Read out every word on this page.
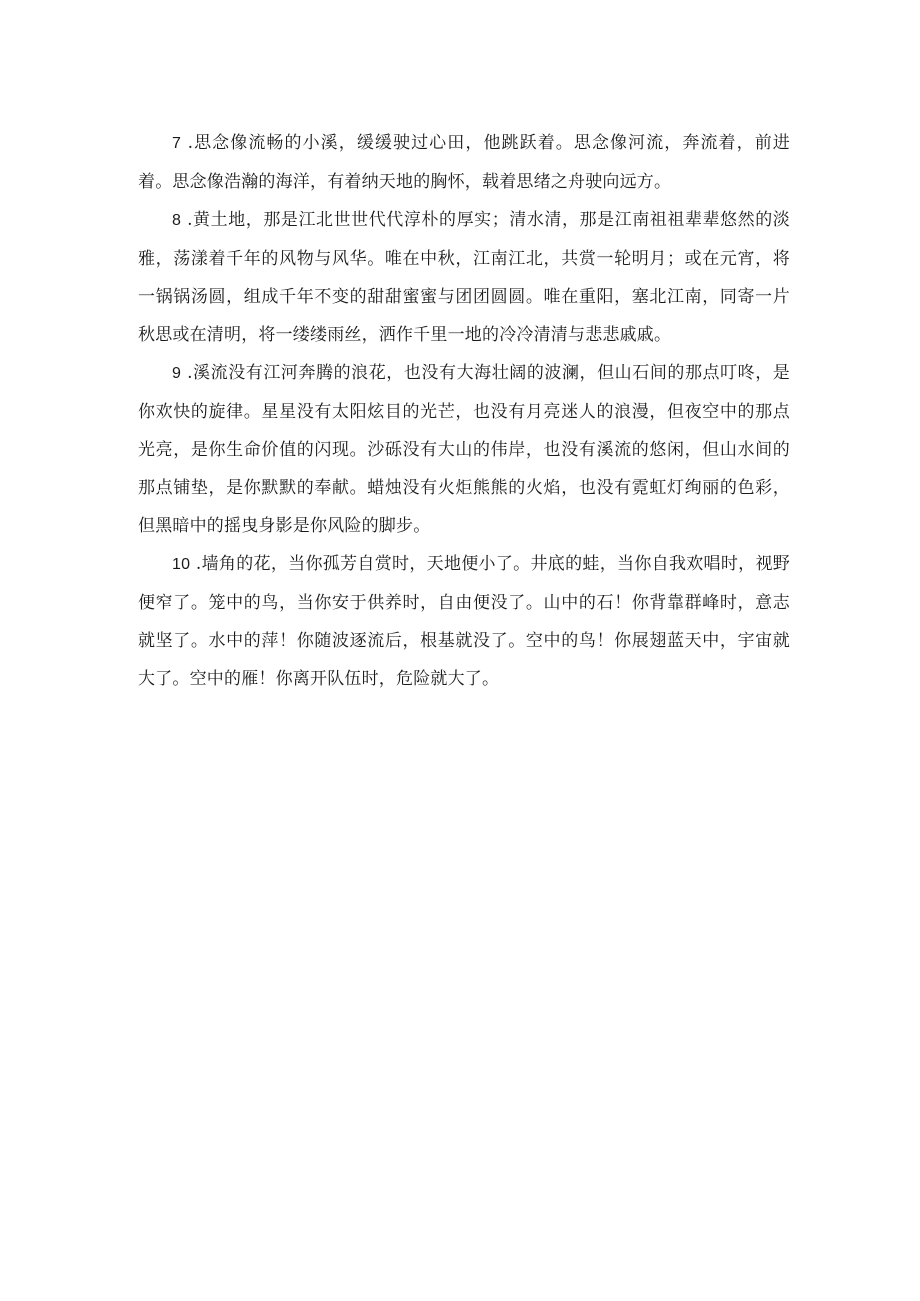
7 .思念像流畅的小溪，缓缓驶过心田，他跳跃着。思念像河流，奔流着，前进着。思念像浩瀚的海洋，有着纳天地的胸怀，载着思绪之舟驶向远方。

8 .黄土地，那是江北世世代代淳朴的厚实；清水清，那是江南祖祖辈辈悠然的淡雅，荡漾着千年的风物与风华。唯在中秋，江南江北，共赏一轮明月；或在元宵，将一锅锅汤圆，组成千年不变的甜甜蜜蜜与团团圆圆。唯在重阳，塞北江南，同寄一片秋思或在清明，将一缕缕雨丝，洒作千里一地的冷冷清清与悲悲戚戚。

9 .溪流没有江河奔腾的浪花，也没有大海壮阔的波澜，但山石间的那点叮咚，是你欢快的旋律。星星没有太阳炫目的光芒，也没有月亮迷人的浪漫，但夜空中的那点光亮，是你生命价值的闪现。沙砾没有大山的伟岸，也没有溪流的悠闲，但山水间的那点铺垫，是你默默的奉献。蜡烛没有火炬熊熊的火焰，也没有霓虹灯绚丽的色彩，但黑暗中的摇曳身影是你风险的脚步。

10 .墙角的花，当你孤芳自赏时，天地便小了。井底的蛙，当你自我欢唱时，视野便窄了。笼中的鸟，当你安于供养时，自由便没了。山中的石！你背靠群峰时，意志就坚了。水中的萍！你随波逐流后，根基就没了。空中的鸟！你展翅蓝天中，宇宙就大了。空中的雁！你离开队伍时，危险就大了。
